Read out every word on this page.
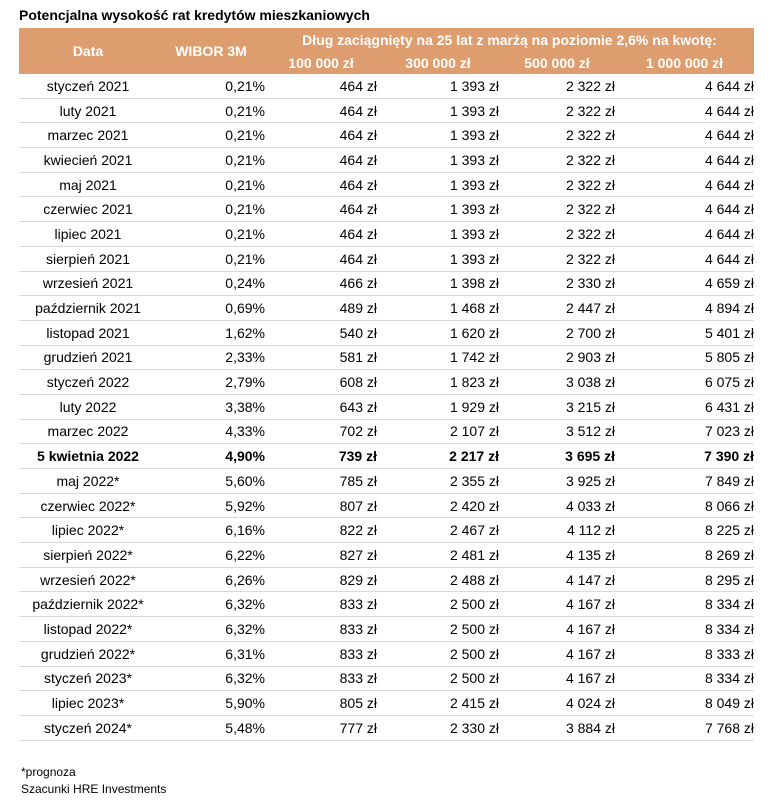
Potencjalna wysokość rat kredytów mieszkaniowych
Data	WIBOR 3M	Dług zaciągnięty na 25 lat z marżą na poziomie 2,6% na kwotę:			
		100 000 zł	300 000 zł	500 000 zł	1 000 000 zł
styczeń 2021	0,21%	464 zł	1 393 zł	2 322 zł	4 644 zł
luty 2021	0,21%	464 zł	1 393 zł	2 322 zł	4 644 zł
marzec 2021	0,21%	464 zł	1 393 zł	2 322 zł	4 644 zł
kwiecień 2021	0,21%	464 zł	1 393 zł	2 322 zł	4 644 zł
maj 2021	0,21%	464 zł	1 393 zł	2 322 zł	4 644 zł
czerwiec 2021	0,21%	464 zł	1 393 zł	2 322 zł	4 644 zł
lipiec 2021	0,21%	464 zł	1 393 zł	2 322 zł	4 644 zł
sierpień 2021	0,21%	464 zł	1 393 zł	2 322 zł	4 644 zł
wrzesień 2021	0,24%	466 zł	1 398 zł	2 330 zł	4 659 zł
październik 2021	0,69%	489 zł	1 468 zł	2 447 zł	4 894 zł
listopad 2021	1,62%	540 zł	1 620 zł	2 700 zł	5 401 zł
grudzień 2021	2,33%	581 zł	1 742 zł	2 903 zł	5 805 zł
styczeń 2022	2,79%	608 zł	1 823 zł	3 038 zł	6 075 zł
luty 2022	3,38%	643 zł	1 929 zł	3 215 zł	6 431 zł
marzec 2022	4,33%	702 zł	2 107 zł	3 512 zł	7 023 zł
5 kwietnia 2022	4,90%	739 zł	2 217 zł	3 695 zł	7 390 zł
maj 2022*	5,60%	785 zł	2 355 zł	3 925 zł	7 849 zł
czerwiec 2022*	5,92%	807 zł	2 420 zł	4 033 zł	8 066 zł
lipiec 2022*	6,16%	822 zł	2 467 zł	4 112 zł	8 225 zł
sierpień 2022*	6,22%	827 zł	2 481 zł	4 135 zł	8 269 zł
wrzesień 2022*	6,26%	829 zł	2 488 zł	4 147 zł	8 295 zł
październik 2022*	6,32%	833 zł	2 500 zł	4 167 zł	8 334 zł
listopad 2022*	6,32%	833 zł	2 500 zł	4 167 zł	8 334 zł
grudzień 2022*	6,31%	833 zł	2 500 zł	4 167 zł	8 333 zł
styczeń 2023*	6,32%	833 zł	2 500 zł	4 167 zł	8 334 zł
lipiec 2023*	5,90%	805 zł	2 415 zł	4 024 zł	8 049 zł
styczeń 2024*	5,48%	777 zł	2 330 zł	3 884 zł	7 768 zł
*prognoza
Szacunki HRE Investments
